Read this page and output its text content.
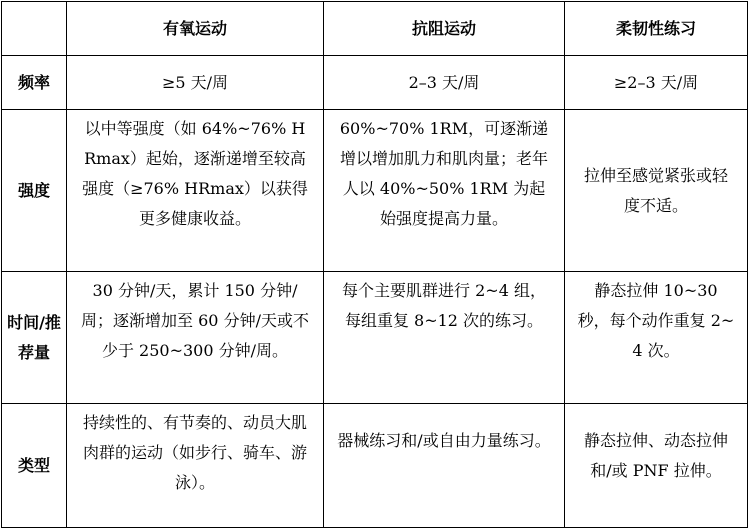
	有氧运动	抗阻运动	柔韧性练习
频率	≥5 天/周	2–3 天/周	≥2–3 天/周
强度	以中等强度（如 64%~76% HRmax）起始，逐渐递增至较高强度（≥76% HRmax）以获得更多健康收益。	60%~70% 1RM，可逐渐递增以增加肌力和肌肉量；老年人以 40%~50% 1RM 为起始强度提高力量。	拉伸至感觉紧张或轻度不适。
时间/推荐量	30 分钟/天，累计 150 分钟/周；逐渐增加至 60 分钟/天或不少于 250~300 分钟/周。	每个主要肌群进行 2~4 组，每组重复 8~12 次的练习。	静态拉伸 10~30 秒，每个动作重复 2~4 次。
类型	持续性的、有节奏的、动员大肌肉群的运动（如步行、骑车、游泳）。	器械练习和/或自由力量练习。	静态拉伸、动态拉伸和/或 PNF 拉伸。
